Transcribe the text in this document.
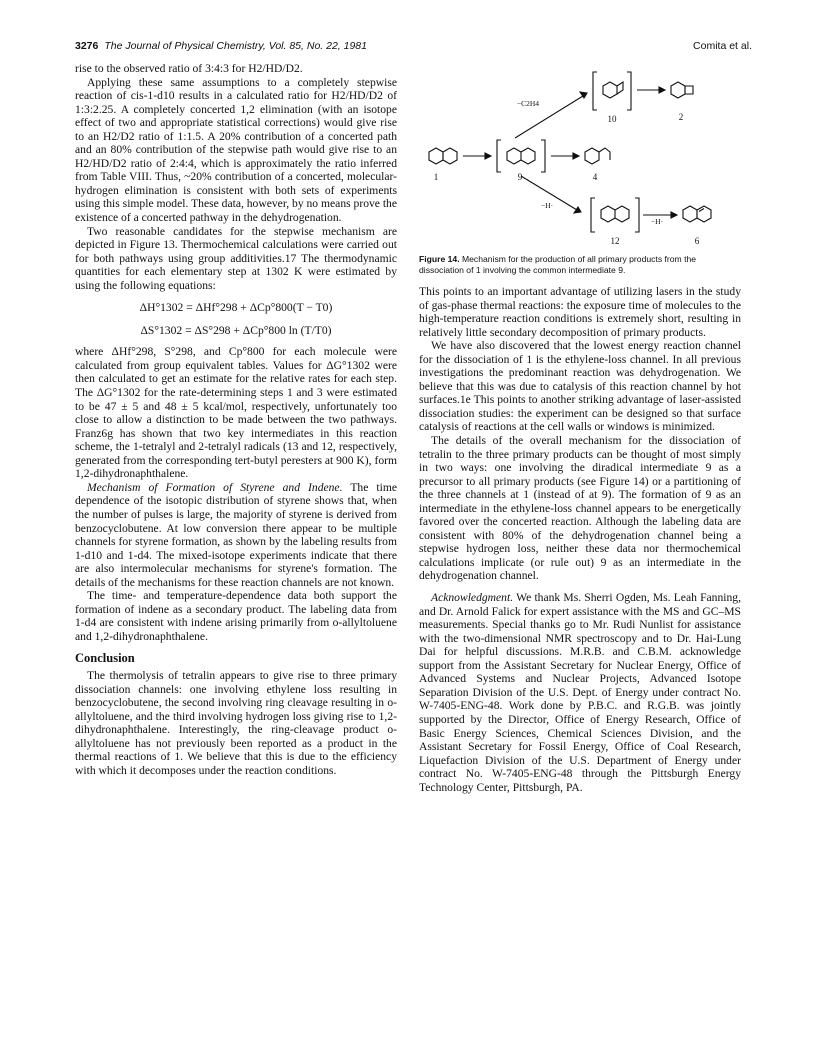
3276 The Journal of Physical Chemistry, Vol. 85, No. 22, 1981	Comita et al.

rise to the observed ratio of 3:4:3 for H2/HD/D2.

Applying these same assumptions to a completely stepwise reaction of cis-1-d10 results in a calculated ratio for H2/HD/D2 of 1:3:2.25. A completely concerted 1,2 elimination (with an isotope effect of two and appropriate statistical corrections) would give rise to an H2/D2 ratio of 1:1.5. A 20% contribution of a concerted path and an 80% contribution of the stepwise path would give rise to an H2/HD/D2 ratio of 2:4:4, which is approximately the ratio inferred from Table VIII. Thus, ~20% contribution of a concerted, molecular-hydrogen elimination is consistent with both sets of experiments using this simple model. These data, however, by no means prove the existence of a concerted pathway in the dehydrogenation.

Two reasonable candidates for the stepwise mechanism are depicted in Figure 13. Thermochemical calculations were carried out for both pathways using group additivities.17 The thermodynamic quantities for each elementary step at 1302 K were estimated by using the following equations:

ΔH°1302 = ΔHf°298 + ΔCp°800(T − T0)
ΔS°1302 = ΔS°298 + ΔCp°800 ln (T/T0)

where ΔHf°298, S°298, and Cp°800 for each molecule were calculated from group equivalent tables. Values for ΔG°1302 were then calculated to get an estimate for the relative rates for each step. The ΔG°1302 for the rate-determining steps 1 and 3 were estimated to be 47 ± 5 and 48 ± 5 kcal/mol, respectively, unfortunately too close to allow a distinction to be made between the two pathways. Franz6g has shown that two key intermediates in this reaction scheme, the 1-tetralyl and 2-tetralyl radicals (13 and 12, respectively, generated from the corresponding tert-butyl peresters at 900 K), form 1,2-dihydronaphthalene.

Mechanism of Formation of Styrene and Indene. The time dependence of the isotopic distribution of styrene shows that, when the number of pulses is large, the majority of styrene is derived from benzocyclobutene. At low conversion there appear to be multiple channels for styrene formation, as shown by the labeling results from 1-d10 and 1-d4. The mixed-isotope experiments indicate that there are also intermolecular mechanisms for styrene's formation. The details of the mechanisms for these reaction channels are not known.

The time- and temperature-dependence data both support the formation of indene as a secondary product. The labeling data from 1-d4 are consistent with indene arising primarily from o-allyltoluene and 1,2-dihydronaphthalene.

Conclusion

The thermolysis of tetralin appears to give rise to three primary dissociation channels: one involving ethylene loss resulting in benzocyclobutene, the second involving ring cleavage resulting in o-allyltoluene, and the third involving hydrogen loss giving rise to 1,2-dihydronaphthalene. Interestingly, the ring-cleavage product o-allyltoluene has not previously been reported as a product in the thermal reactions of 1. We believe that this is due to the efficiency with which it decomposes under the reaction conditions.

1	9	4
−C2H4
10	2
−H·
12
−H·
6
Figure 14. Mechanism for the production of all primary products from the dissociation of 1 involving the common intermediate 9.

This points to an important advantage of utilizing lasers in the study of gas-phase thermal reactions: the exposure time of molecules to the high-temperature reaction conditions is extremely short, resulting in relatively little secondary decomposition of primary products.

We have also discovered that the lowest energy reaction channel for the dissociation of 1 is the ethylene-loss channel. In all previous investigations the predominant reaction was dehydrogenation. We believe that this was due to catalysis of this reaction channel by hot surfaces.1e This points to another striking advantage of laser-assisted dissociation studies: the experiment can be designed so that surface catalysis of reactions at the cell walls or windows is minimized.

The details of the overall mechanism for the dissociation of tetralin to the three primary products can be thought of most simply in two ways: one involving the diradical intermediate 9 as a precursor to all primary products (see Figure 14) or a partitioning of the three channels at 1 (instead of at 9). The formation of 9 as an intermediate in the ethylene-loss channel appears to be energetically favored over the concerted reaction. Although the labeling data are consistent with 80% of the dehydrogenation channel being a stepwise hydrogen loss, neither these data nor thermochemical calculations implicate (or rule out) 9 as an intermediate in the dehydrogenation channel.

Acknowledgment. We thank Ms. Sherri Ogden, Ms. Leah Fanning, and Dr. Arnold Falick for expert assistance with the MS and GC–MS measurements. Special thanks go to Mr. Rudi Nunlist for assistance with the two-dimensional NMR spectroscopy and to Dr. Hai-Lung Dai for helpful discussions. M.R.B. and C.B.M. acknowledge support from the Assistant Secretary for Nuclear Energy, Office of Advanced Systems and Nuclear Projects, Advanced Isotope Separation Division of the U.S. Dept. of Energy under contract No. W-7405-ENG-48. Work done by P.B.C. and R.G.B. was jointly supported by the Director, Office of Energy Research, Office of Basic Energy Sciences, Chemical Sciences Division, and the Assistant Secretary for Fossil Energy, Office of Coal Research, Liquefaction Division of the U.S. Department of Energy under contract No. W-7405-ENG-48 through the Pittsburgh Energy Technology Center, Pittsburgh, PA.
